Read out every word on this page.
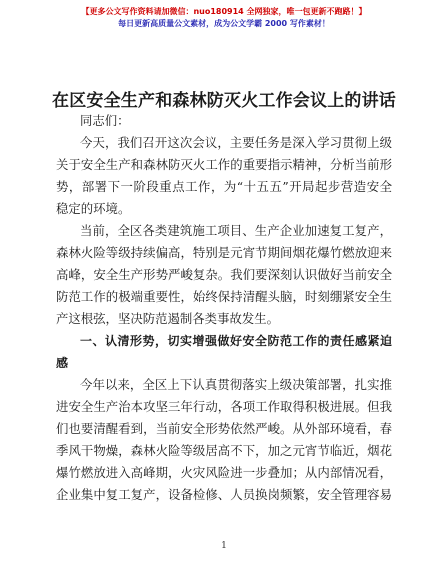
【更多公文写作资料请加微信：nuo180914 全网独家，唯一包更新不跑路！】
每日更新高质量公文素材，成为公文学霸 2000 写作素材！
在区安全生产和森林防灭火工作会议上的讲话
同志们：
今天，我们召开这次会议，主要任务是深入学习贯彻上级
关于安全生产和森林防灭火工作的重要指示精神，分析当前形
势，部署下一阶段重点工作，为“十五五”开局起步营造安全
稳定的环境。
当前，全区各类建筑施工项目、生产企业加速复工复产，
森林火险等级持续偏高，特别是元宵节期间烟花爆竹燃放迎来
高峰，安全生产形势严峻复杂。我们要深刻认识做好当前安全
防范工作的极端重要性，始终保持清醒头脑，时刻绷紧安全生
产这根弦，坚决防范遏制各类事故发生。
一、认清形势，切实增强做好安全防范工作的责任感紧迫
感
今年以来，全区上下认真贯彻落实上级决策部署，扎实推
进安全生产治本攻坚三年行动，各项工作取得积极进展。但我
们也要清醒看到，当前安全形势依然严峻。从外部环境看，春
季风干物燥，森林火险等级居高不下，加之元宵节临近，烟花
爆竹燃放进入高峰期，火灾风险进一步叠加；从内部情况看，
企业集中复工复产，设备检修、人员换岗频繁，安全管理容易
1
